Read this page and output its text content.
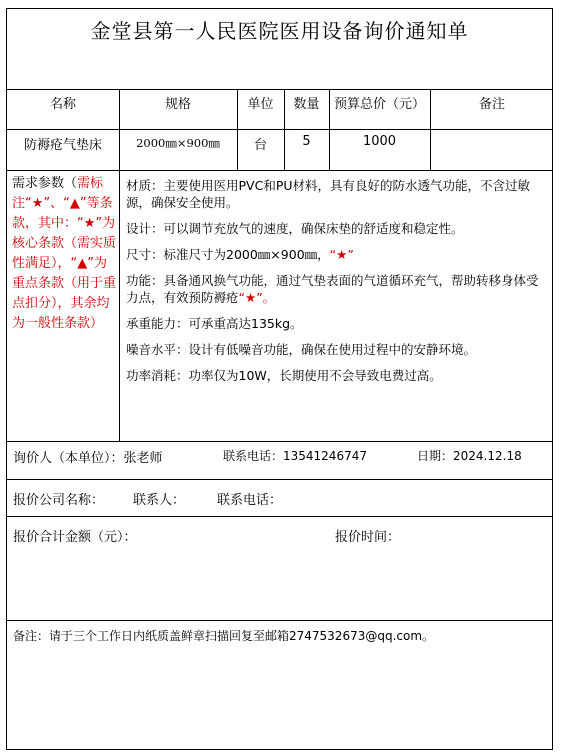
金堂县第一人民医院医用设备询价通知单
名称	规格	单位	数量	预算总价（元）	备注
防褥疮气垫床	2000㎜×900㎜	台	5	1000
需求参数（需标注“★”、“▲”等条款，其中：“★”为核心条款（需实质性满足），“▲”为重点条款（用于重点扣分），其余均为一般性条款）

材质：主要使用医用PVC和PU材料，具有良好的防水透气功能，不含过敏源，确保安全使用。

设计：可以调节充放气的速度，确保床垫的舒适度和稳定性。

尺寸：标准尺寸为2000㎜×900㎜，“★”

功能：具备通风换气功能，通过气垫表面的气道循环充气，帮助转移身体受力点，有效预防褥疮“★”。

承重能力：可承重高达135kg。

噪音水平：设计有低噪音功能，确保在使用过程中的安静环境。

功率消耗：功率仅为10W，长期使用不会导致电费过高。

询价人（本单位）：张老师	联系电话：13541246747	日期：2024.12.18
报价公司名称： 联系人： 联系电话：
报价合计金额（元）：	报价时间：
备注：请于三个工作日内纸质盖鲜章扫描回复至邮箱2747532673@qq.com。
